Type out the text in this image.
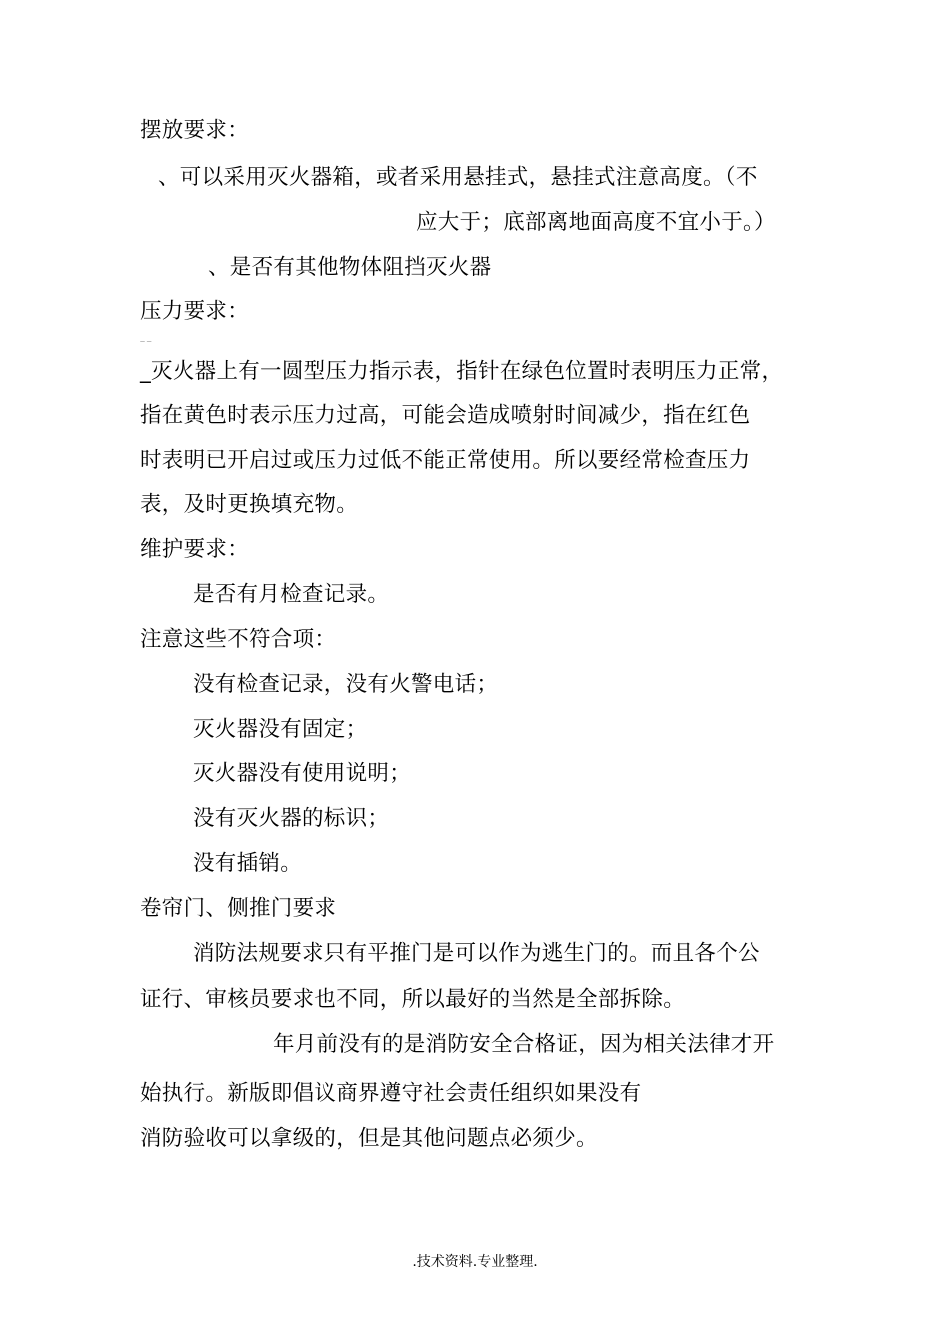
摆放要求：
、可以采用灭火器箱，或者采用悬挂式，悬挂式注意高度。（不
应大于；底部离地面高度不宜小于。）
、是否有其他物体阻挡灭火器
压力要求：
— —
_灭火器上有一圆型压力指示表，指针在绿色位置时表明压力正常，
指在黄色时表示压力过高，可能会造成喷射时间减少，指在红色
时表明已开启过或压力过低不能正常使用。所以要经常检查压力
表，及时更换填充物。
维护要求：
是否有月检查记录。
注意这些不符合项：
没有检查记录，没有火警电话；
灭火器没有固定；
灭火器没有使用说明；
没有灭火器的标识；
没有插销。
卷帘门、侧推门要求
消防法规要求只有平推门是可以作为逃生门的。而且各个公
证行、审核员要求也不同，所以最好的当然是全部拆除。
年月前没有的是消防安全合格证，因为相关法律才开
始执行。新版即倡议商界遵守社会责任组织如果没有
消防验收可以拿级的，但是其他问题点必须少。
.技术资料.专业整理.
